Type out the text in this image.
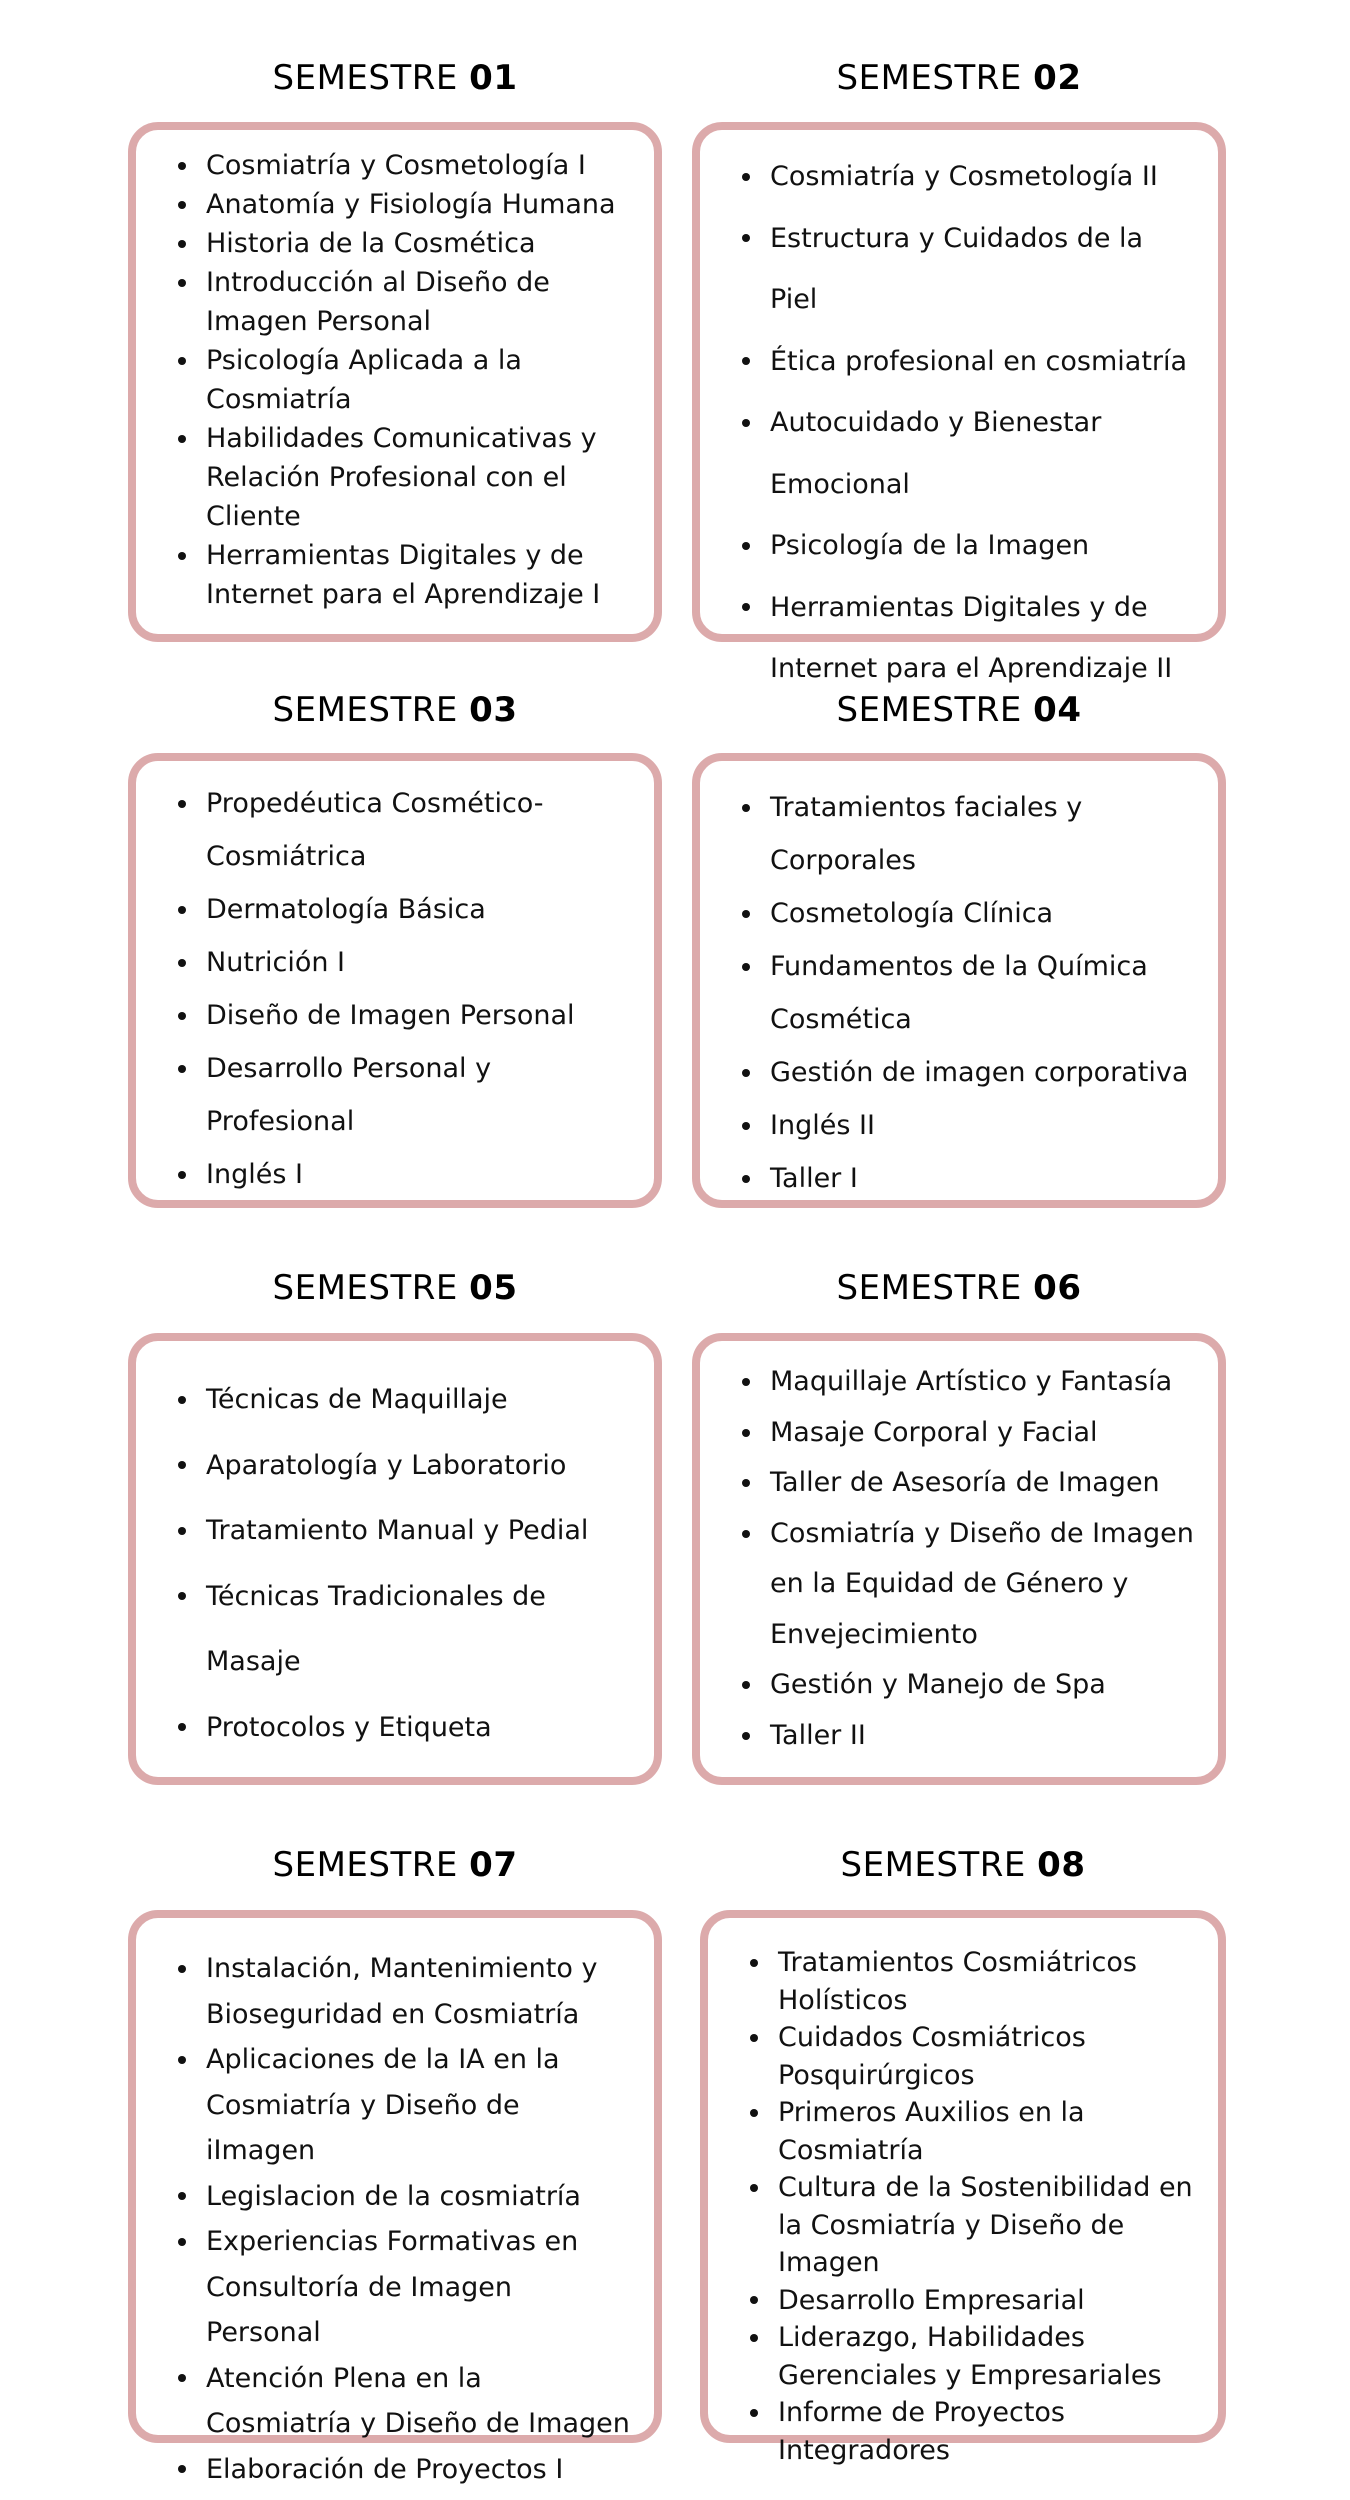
SEMESTRE 01
Cosmiatría y Cosmetología I
Anatomía y Fisiología Humana
Historia de la Cosmética
Introducción al Diseño de Imagen Personal
Psicología Aplicada a la Cosmiatría
Habilidades Comunicativas y Relación Profesional con el Cliente
Herramientas Digitales y de Internet para el Aprendizaje I
SEMESTRE 02
Cosmiatría y Cosmetología II
Estructura y Cuidados de la Piel
Ética profesional en cosmiatría
Autocuidado y Bienestar Emocional
Psicología de la Imagen
Herramientas Digitales y de Internet para el Aprendizaje II
SEMESTRE 03
Propedéutica Cosmético-Cosmiátrica
Dermatología Básica
Nutrición I
Diseño de Imagen Personal
Desarrollo Personal y Profesional
Inglés I
SEMESTRE 04
Tratamientos faciales y Corporales
Cosmetología Clínica
Fundamentos de la Química Cosmética
Gestión de imagen corporativa
Inglés II
Taller I
SEMESTRE 05
Técnicas de Maquillaje
Aparatología y Laboratorio
Tratamiento Manual y Pedial
Técnicas Tradicionales de Masaje
Protocolos y Etiqueta
SEMESTRE 06
Maquillaje Artístico y Fantasía
Masaje Corporal y Facial
Taller de Asesoría de Imagen
Cosmiatría y Diseño de Imagen en la Equidad de Género y Envejecimiento
Gestión y Manejo de Spa
Taller II
SEMESTRE 07
Instalación, Mantenimiento y Bioseguridad en Cosmiatría
Aplicaciones de la IA en la Cosmiatría y Diseño de iImagen
Legislacion de la cosmiatría
Experiencias Formativas en Consultoría de Imagen Personal
Atención Plena en la Cosmiatría y Diseño de Imagen
Elaboración de Proyectos I
SEMESTRE 08
Tratamientos Cosmiátricos Holísticos
Cuidados Cosmiátricos Posquirúrgicos
Primeros Auxilios en la Cosmiatría
Cultura de la Sostenibilidad en la Cosmiatría y Diseño de Imagen
Desarrollo Empresarial
Liderazgo, Habilidades Gerenciales y Empresariales
Informe de Proyectos Integradores
